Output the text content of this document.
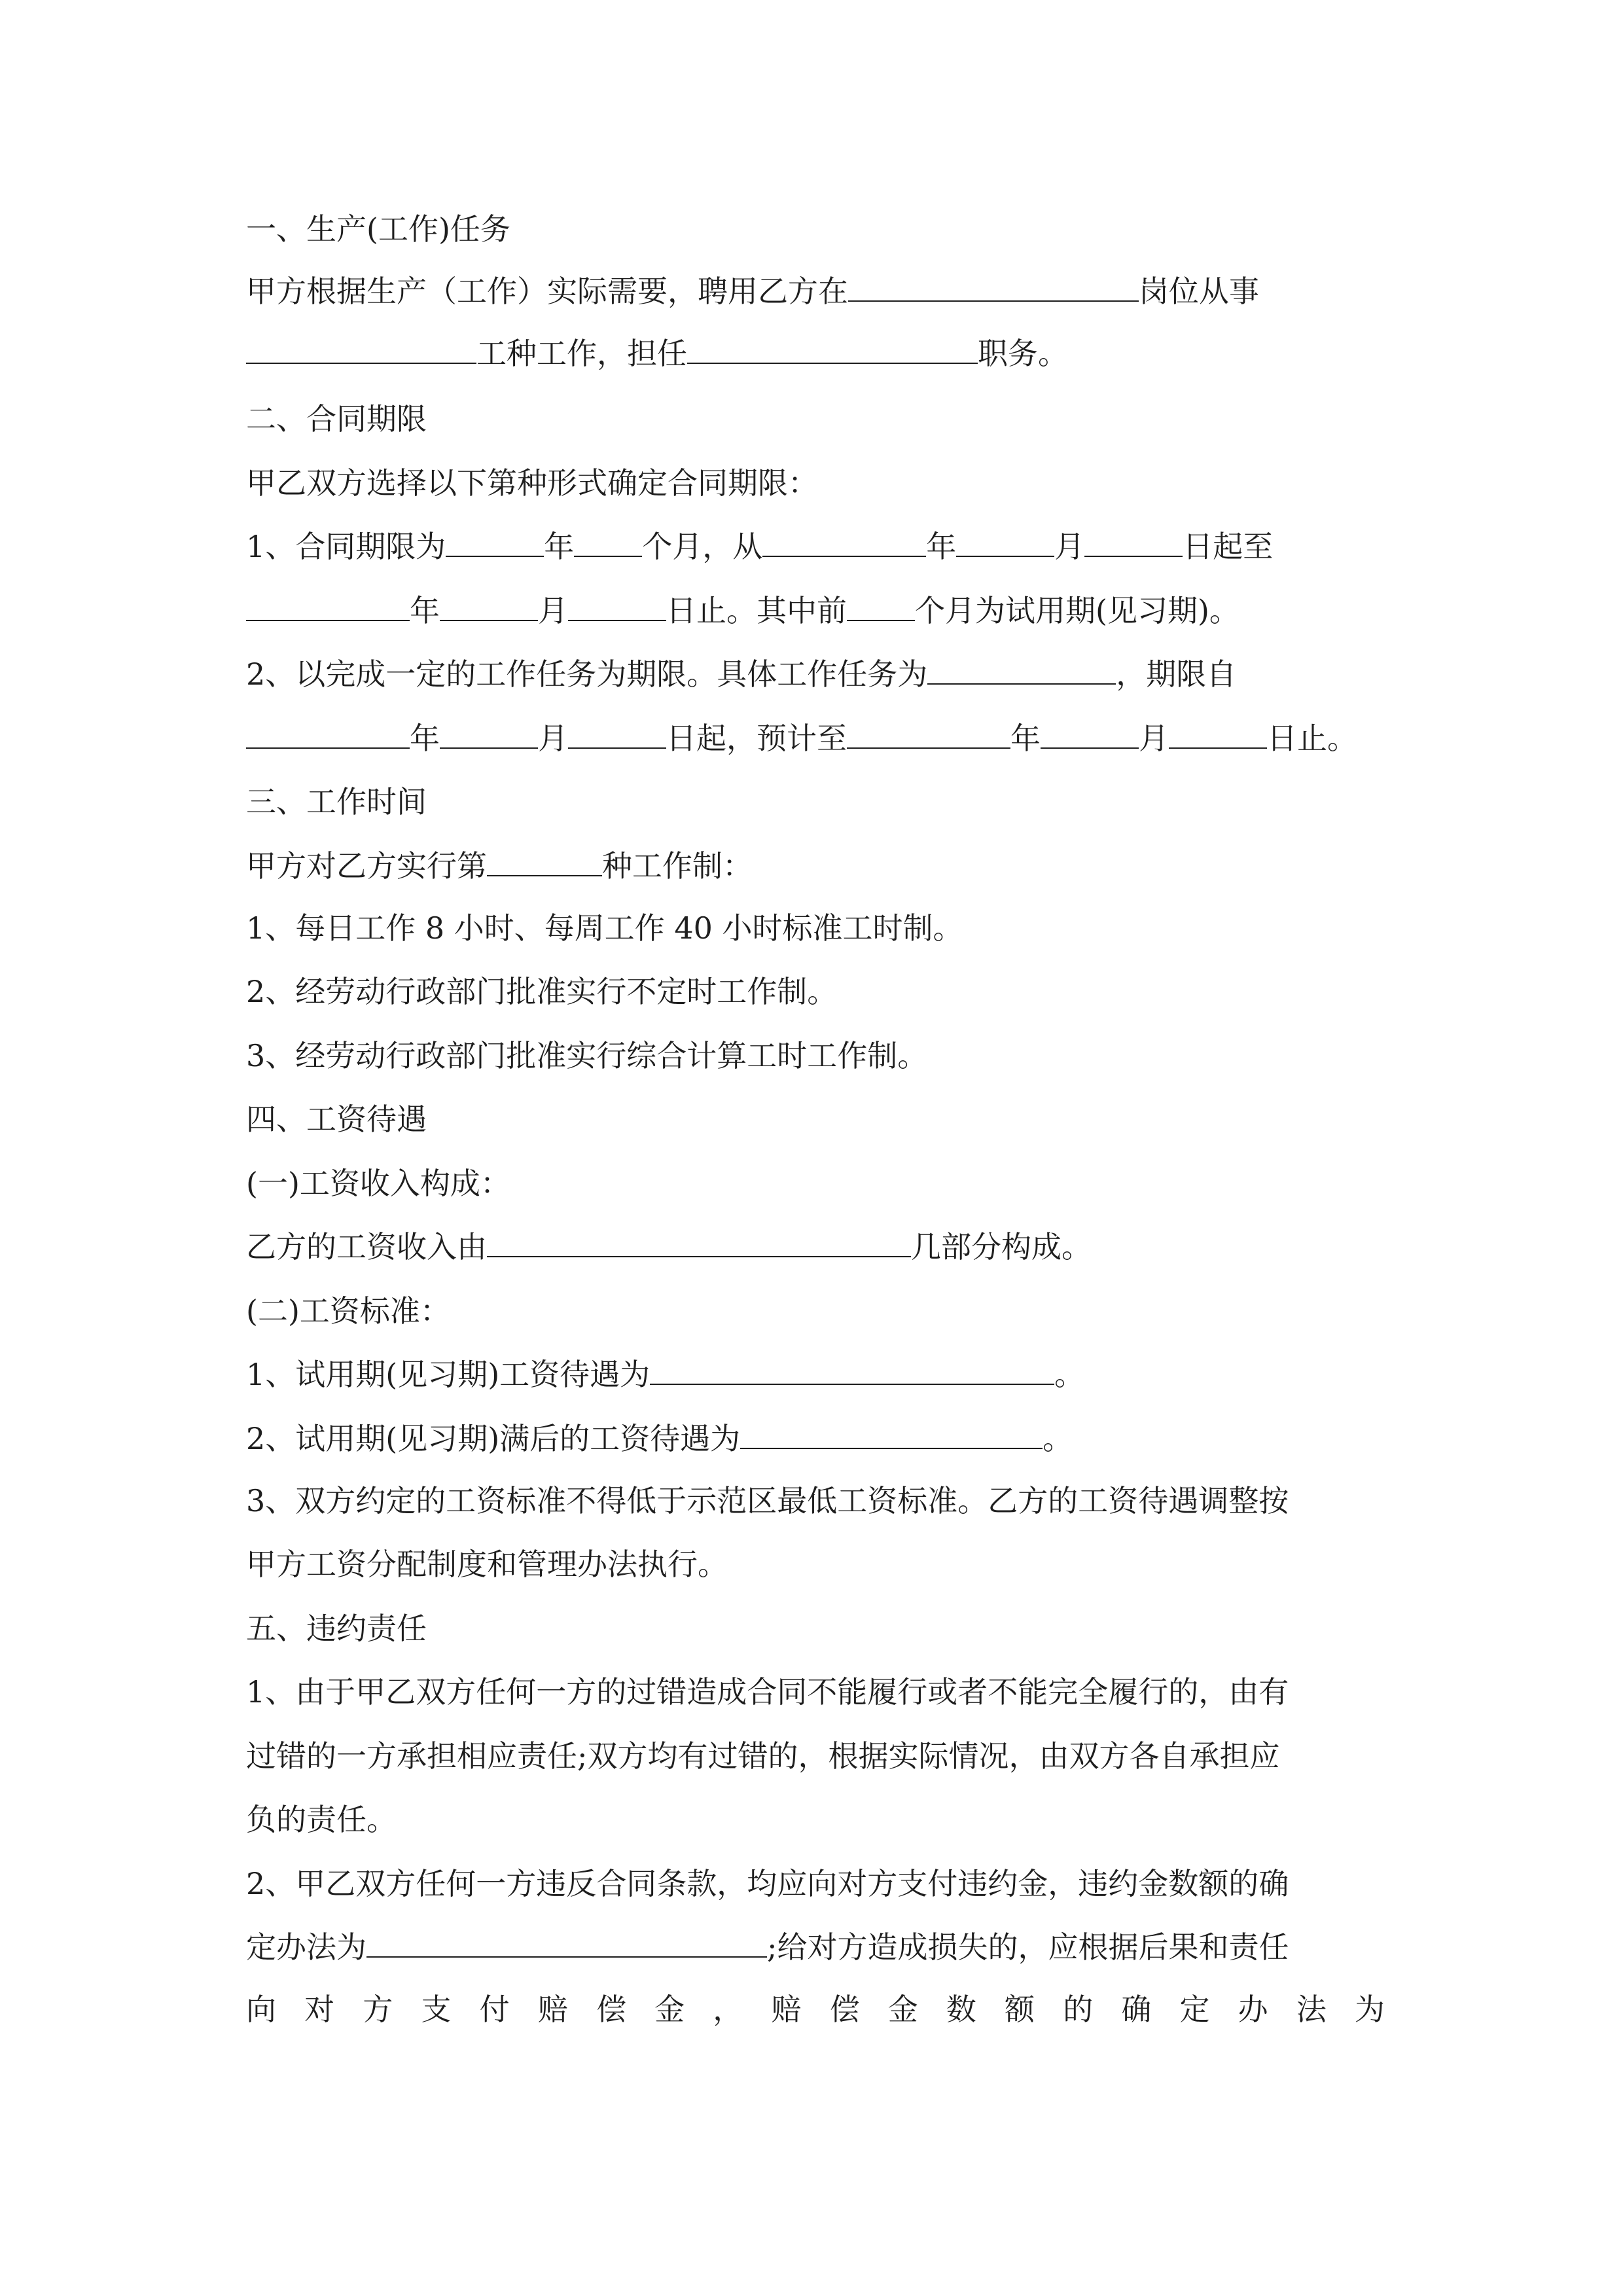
一、生产(工作)任务
甲方根据生产（工作）实际需要，聘用乙方在	岗位从事
工种工作，担任	职务。
二、合同期限
甲乙双方选择以下第种形式确定合同期限：
1、合同期限为	年 个月，从	年	月	日起至
年	月	日止。其中前 个月为试用期(见习期)。
2、以完成一定的工作任务为期限。具体工作任务为	，期限自
年	月	日起，预计至	年	月	日止。
三、工作时间
甲方对乙方实行第	种工作制：
1、每日工作 8 小时、每周工作 40 小时标准工时制。
2、经劳动行政部门批准实行不定时工作制。
3、经劳动行政部门批准实行综合计算工时工作制。
四、工资待遇
(一)工资收入构成：
乙方的工资收入由	几部分构成。
(二)工资标准：
1、试用期(见习期)工资待遇为	。
2、试用期(见习期)满后的工资待遇为	。
3、双方约定的工资标准不得低于示范区最低工资标准。乙方的工资待遇调整按
甲方工资分配制度和管理办法执行。
五、违约责任
1、由于甲乙双方任何一方的过错造成合同不能履行或者不能完全履行的，由有
过错的一方承担相应责任;双方均有过错的，根据实际情况，由双方各自承担应
负的责任。
2、甲乙双方任何一方违反合同条款，均应向对方支付违约金，违约金数额的确
定办法为	;给对方造成损失的，应根据后果和责任
向 对 方 支 付 赔 偿 金 ， 赔 偿 金 数 额 的 确 定 办 法 为
